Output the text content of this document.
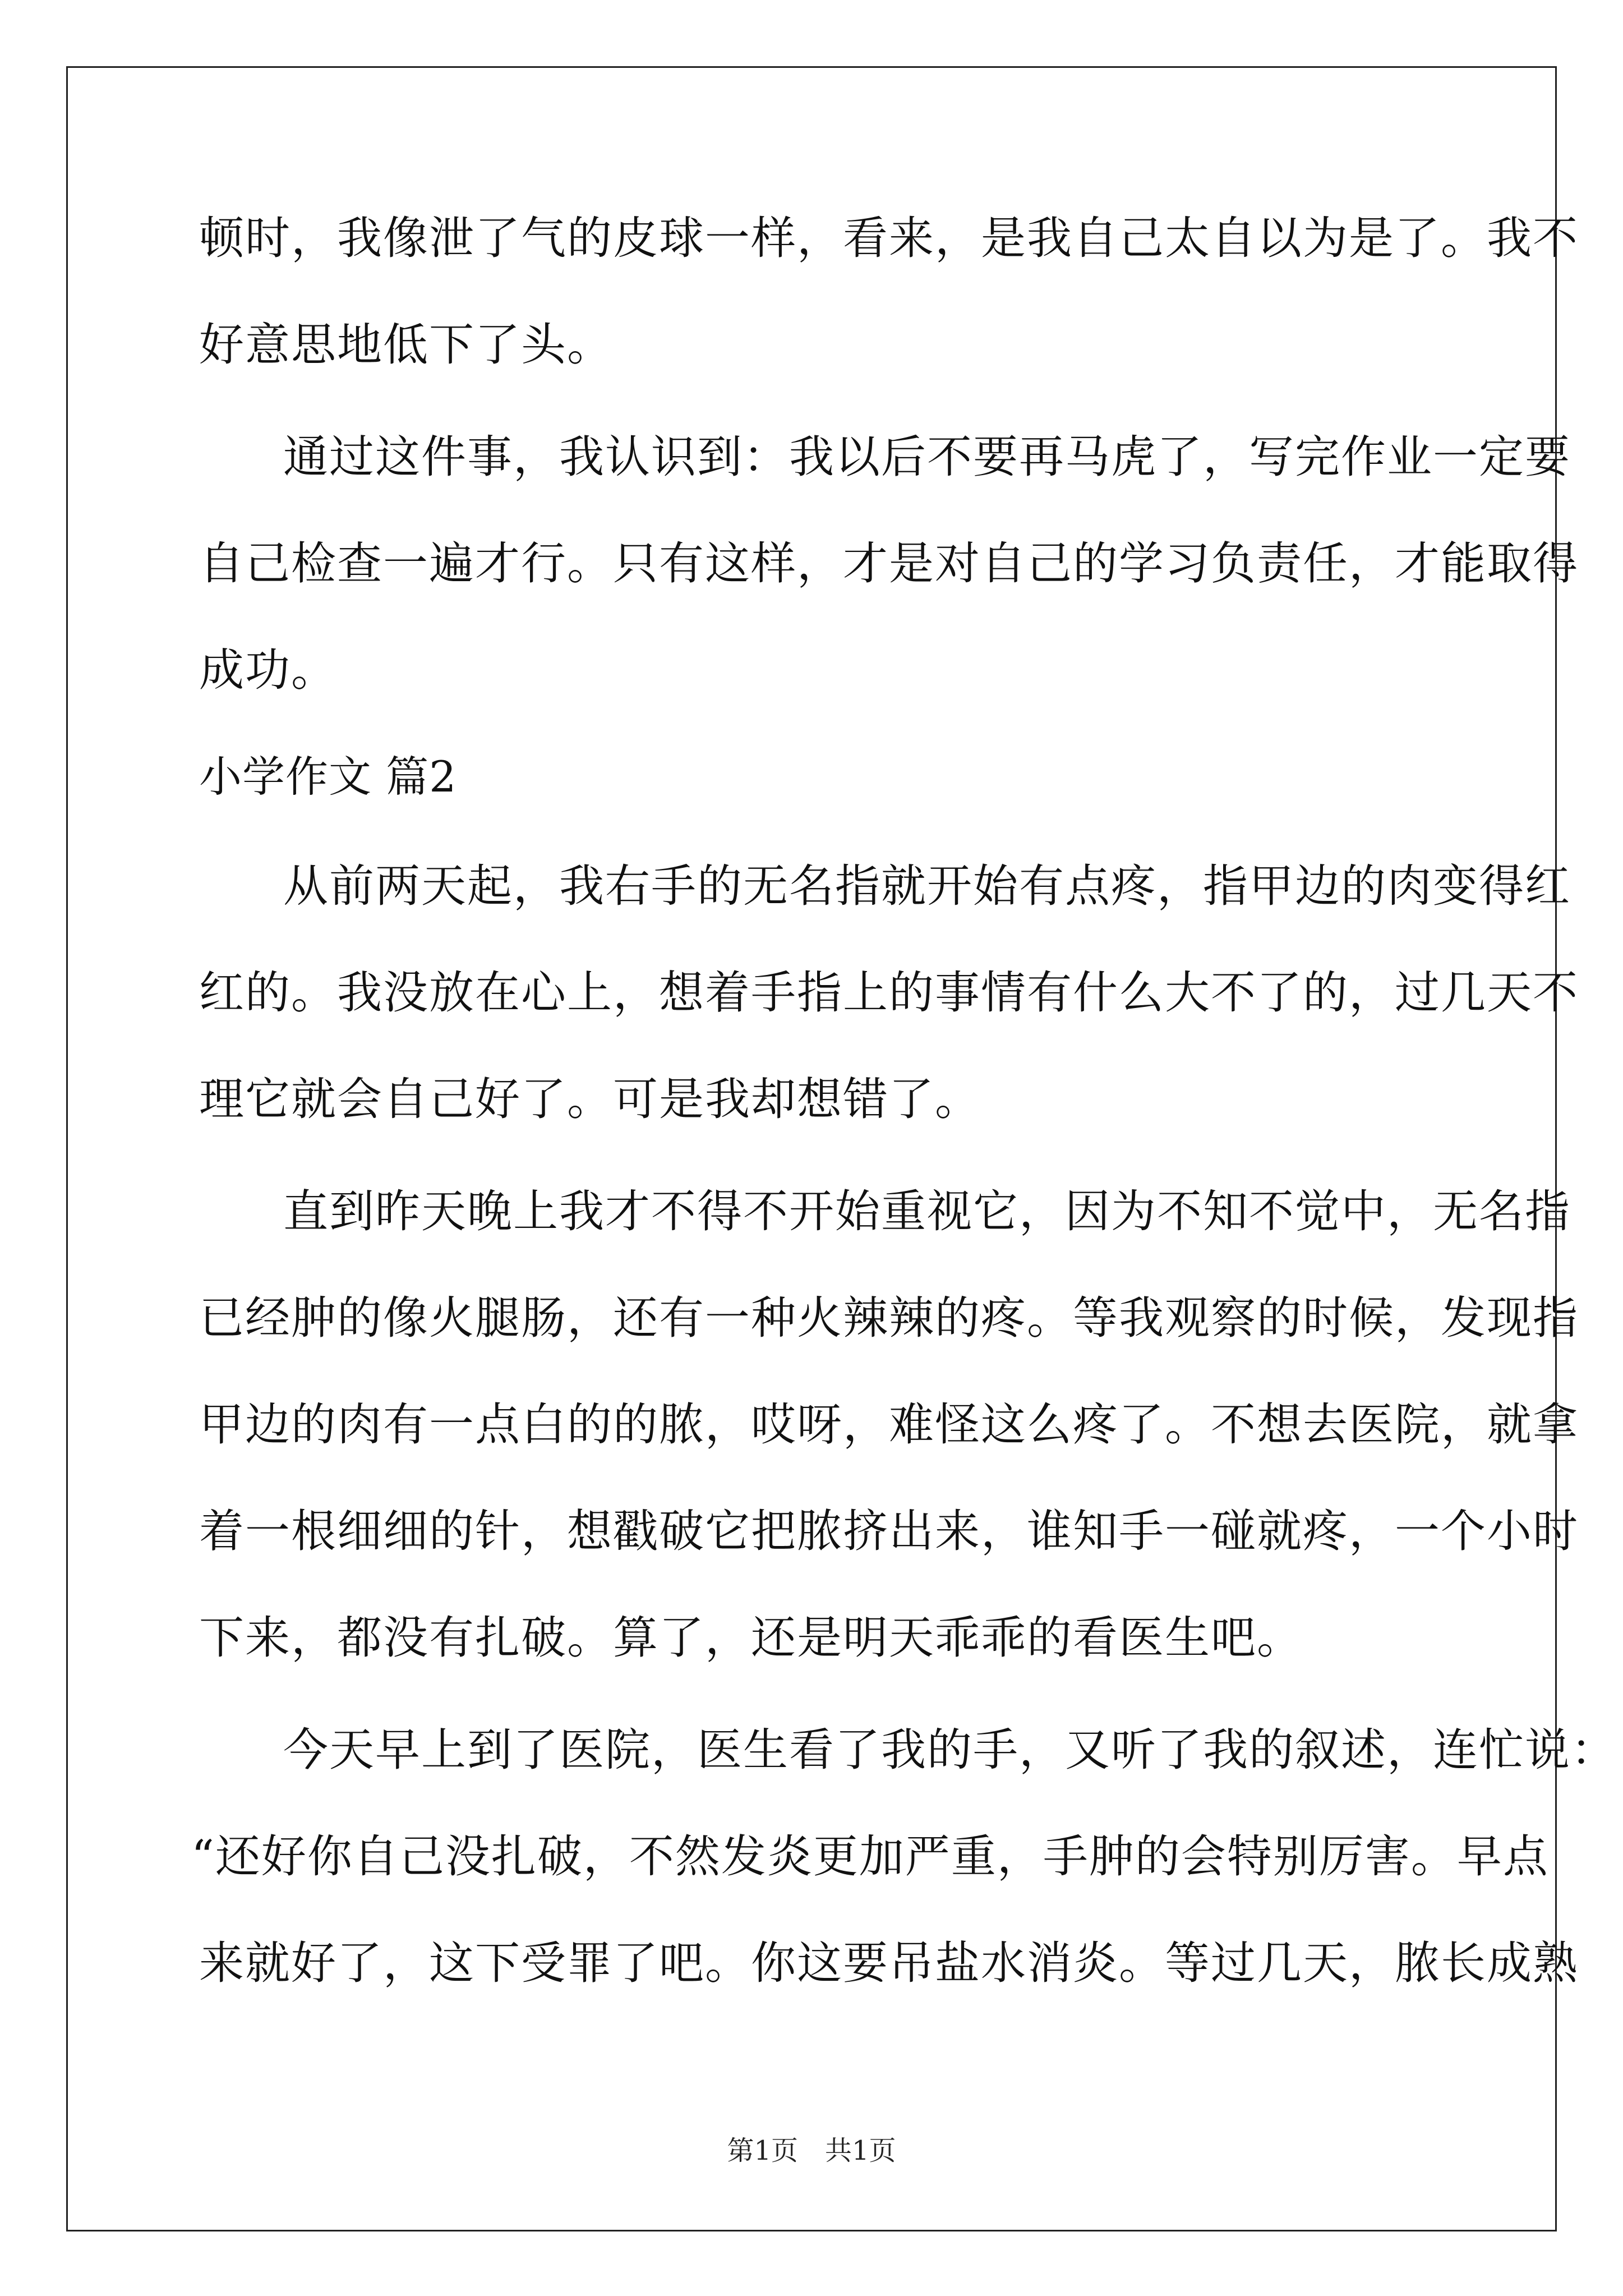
顿时，我像泄了气的皮球一样，看来，是我自己太自以为是了。我不
好意思地低下了头。
通过这件事，我认识到：我以后不要再马虎了，写完作业一定要
自己检查一遍才行。只有这样，才是对自己的学习负责任，才能取得
成功。
小学作文 篇2
从前两天起，我右手的无名指就开始有点疼，指甲边的肉变得红
红的。我没放在心上，想着手指上的事情有什么大不了的，过几天不
理它就会自己好了。可是我却想错了。
直到昨天晚上我才不得不开始重视它，因为不知不觉中，无名指
已经肿的像火腿肠，还有一种火辣辣的疼。等我观察的时候，发现指
甲边的肉有一点白的的脓，哎呀，难怪这么疼了。不想去医院，就拿
着一根细细的针，想戳破它把脓挤出来，谁知手一碰就疼，一个小时
下来，都没有扎破。算了，还是明天乖乖的看医生吧。
今天早上到了医院，医生看了我的手，又听了我的叙述，连忙说：
“还好你自己没扎破，不然发炎更加严重，手肿的会特别厉害。早点
来就好了，这下受罪了吧。你这要吊盐水消炎。等过几天，脓长成熟
第1页　共1页
